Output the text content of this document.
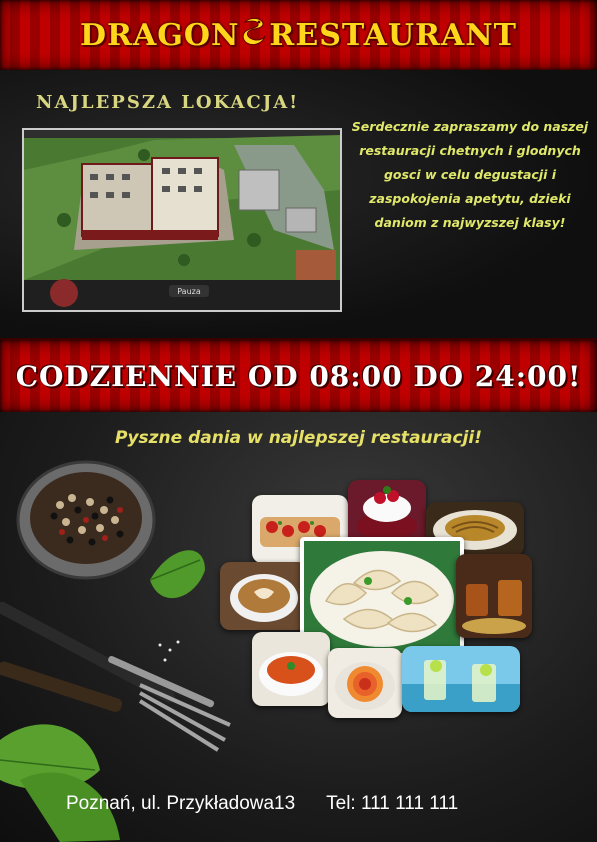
DRAGON RESTAURANT
NAJLEPSZA LOKACJA!
Pauza
Serdecznie zapraszamy do naszej restauracji chetnych i glodnych gosci w celu degustacji i zaspokojenia apetytu, dzieki daniom z najwyzszej klasy!
CODZIENNIE OD 08:00 DO 24:00!
Pyszne dania w najlepszej restauracji!
Poznań, ul. Przykładowa13 Tel: 111 111 111
